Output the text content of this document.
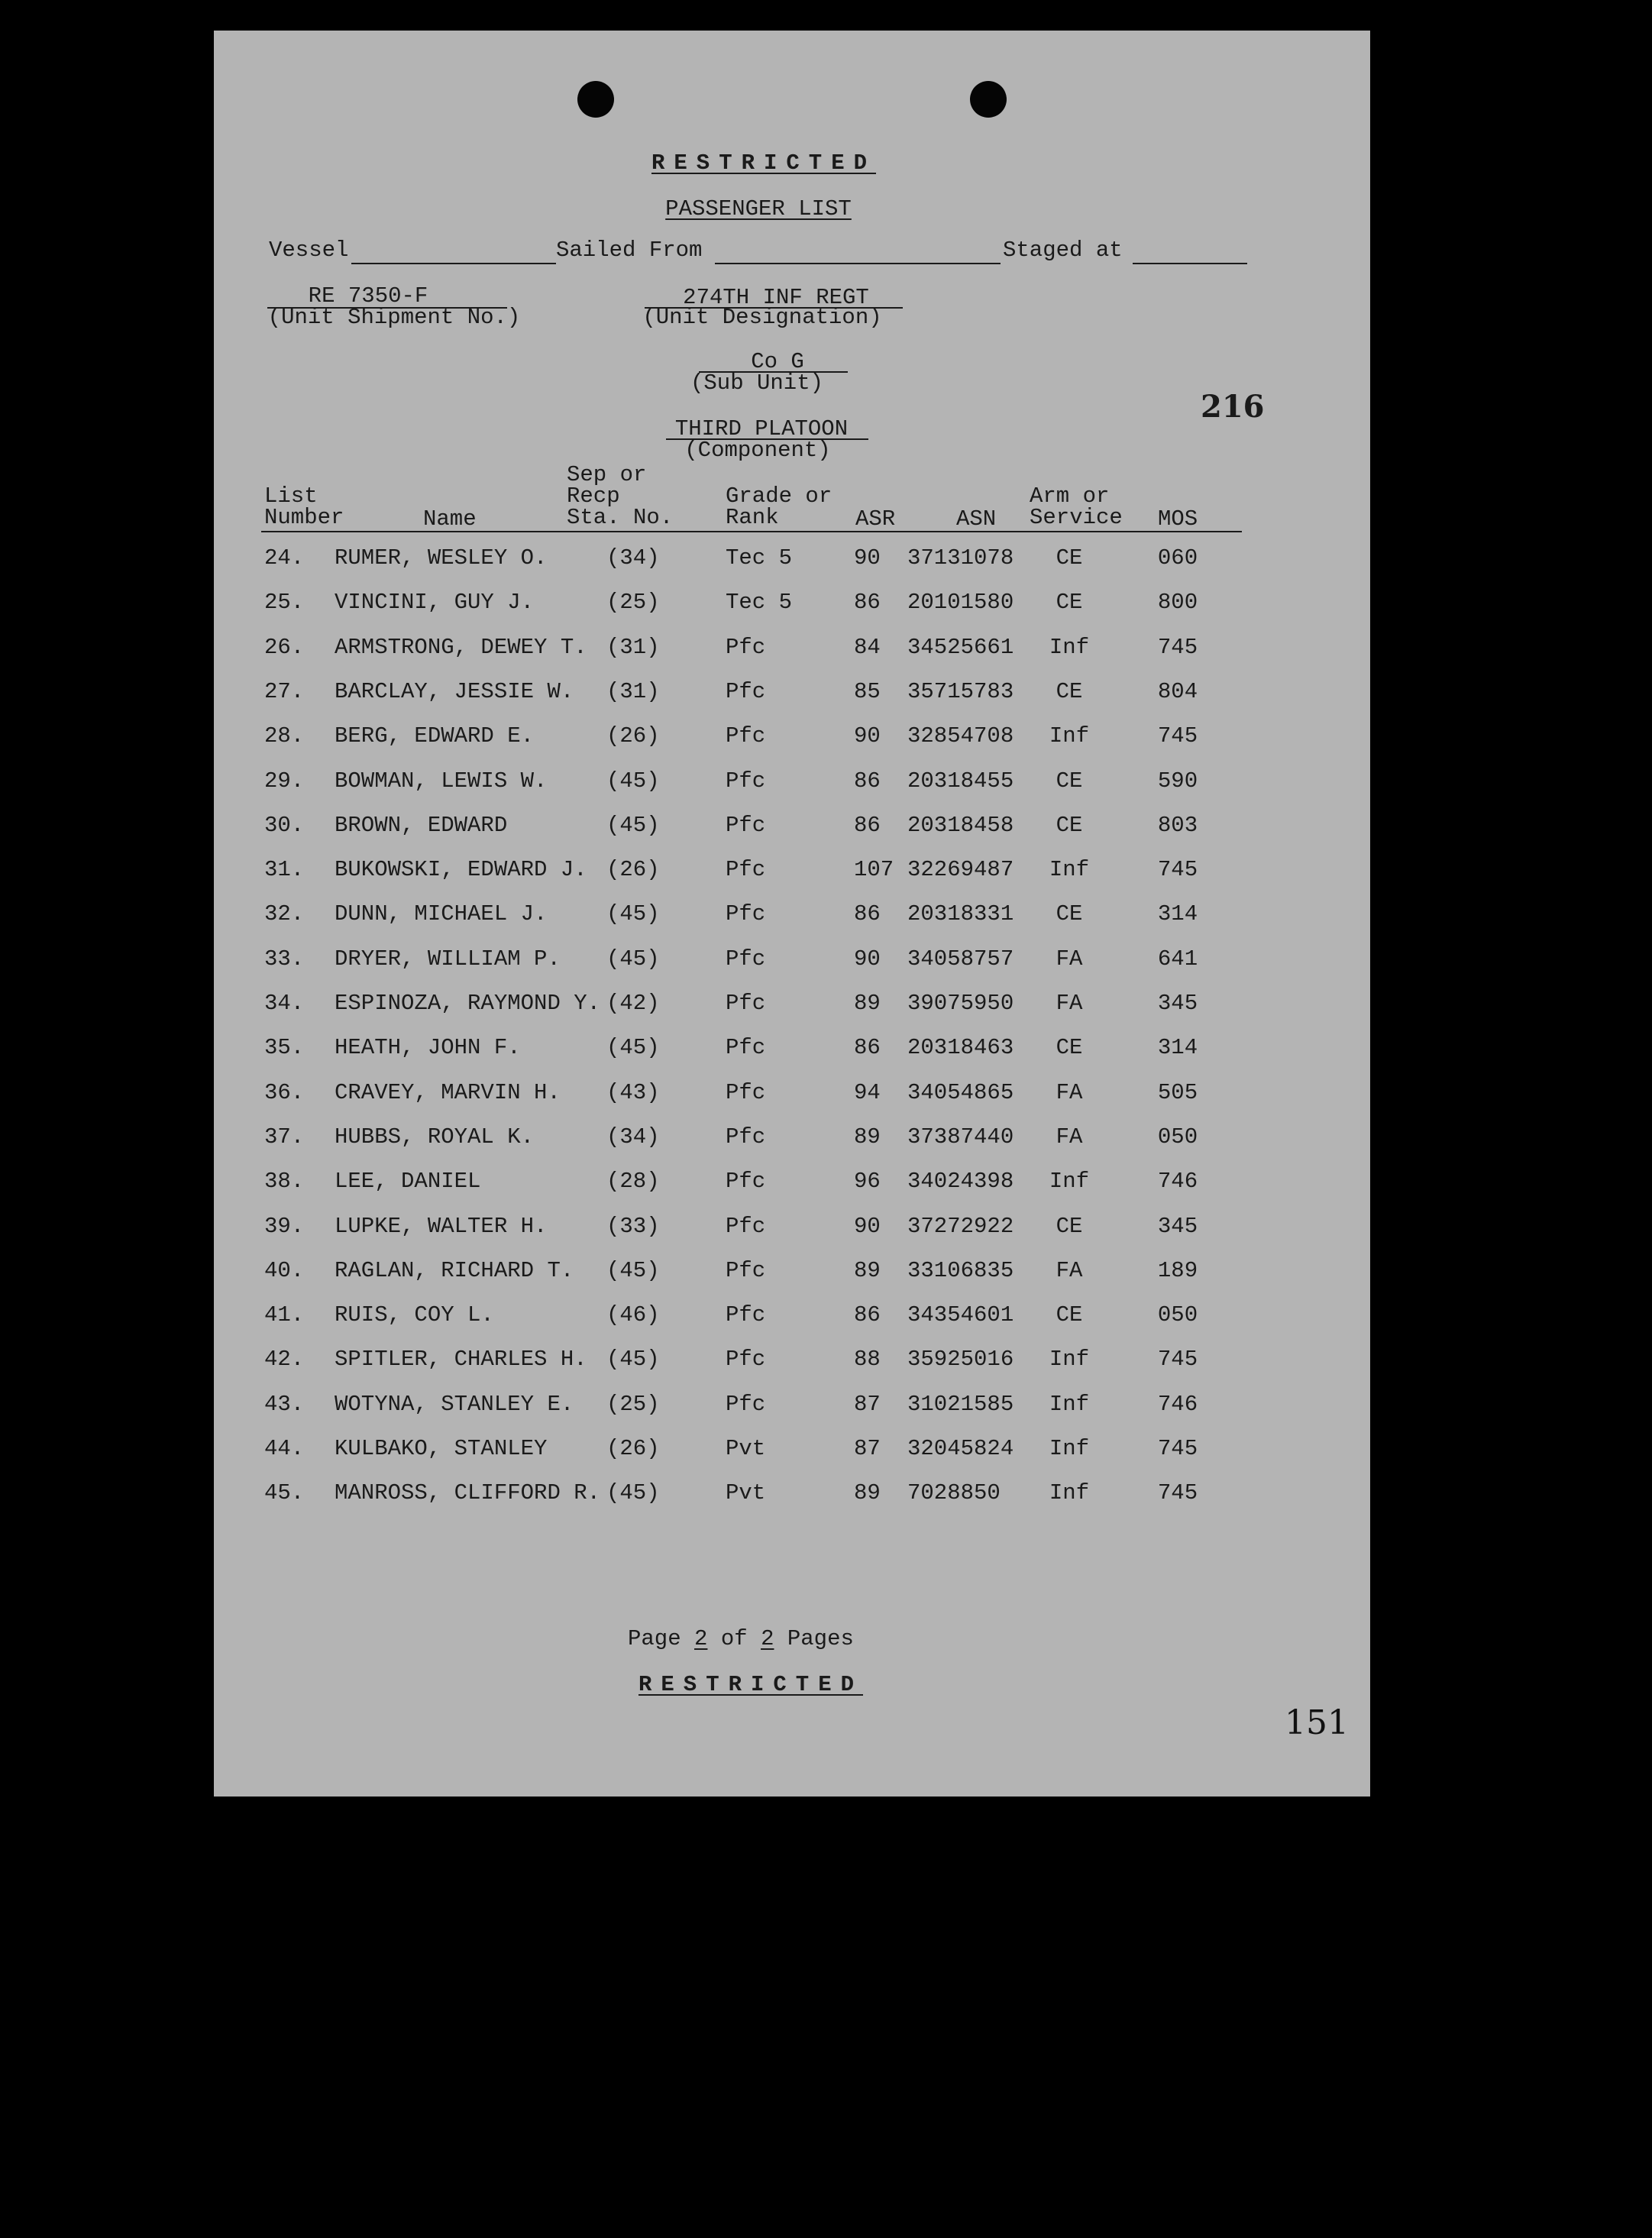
RESTRICTED
PASSENGER LIST
Vessel	Sailed From	Staged at
RE 7350-F
(Unit Shipment No.)
274TH INF REGT
(Unit Designation)
Co G
(Sub Unit)
216
THIRD PLATOON
(Component)
List
Number	Name
Sep or
Recp
Sta. No.
Grade or
Rank	ASR	ASN
Arm or
Service MOS
24. RUMER, WESLEY O.	(34)	Tec 5	90 37131078 CE	060
25. VINCINI, GUY J.	(25)	Tec 5	86 20101580 CE	800
26. ARMSTRONG, DEWEY T. (31)	Pfc	84 34525661 Inf	745
27. BARCLAY, JESSIE W. (31)	Pfc	85 35715783 CE	804
28. BERG, EDWARD E.	(26)	Pfc	90 32854708 Inf	745
29. BOWMAN, LEWIS W.	(45)	Pfc	86 20318455 CE	590
30. BROWN, EDWARD	(45)	Pfc	86 20318458 CE	803
31. BUKOWSKI, EDWARD J. (26)	Pfc	107 32269487 Inf	745
32. DUNN, MICHAEL J.	(45)	Pfc	86 20318331 CE	314
33. DRYER, WILLIAM P. (45)	Pfc	90 34058757 FA	641
34. ESPINOZA, RAYMOND Y. (42)	Pfc	89 39075950 FA	345
35. HEATH, JOHN F.	(45)	Pfc	86 20318463 CE	314
36. CRAVEY, MARVIN H. (43)	Pfc	94 34054865 FA	505
37. HUBBS, ROYAL K.	(34)	Pfc	89 37387440 FA	050
38. LEE, DANIEL	(28)	Pfc	96 34024398 Inf	746
39. LUPKE, WALTER H.	(33)	Pfc	90 37272922 CE	345
40. RAGLAN, RICHARD T. (45)	Pfc	89 33106835 FA	189
41. RUIS, COY L.	(46)	Pfc	86 34354601 CE	050
42. SPITLER, CHARLES H. (45)	Pfc	88 35925016 Inf	745
43. WOTYNA, STANLEY E. (25)	Pfc	87 31021585 Inf	746
44. KULBAKO, STANLEY	(26)	Pvt	87 32045824 Inf	745
45. MANROSS, CLIFFORD R. (45)	Pvt	89 7028850 Inf	745
Page 2 of 2 Pages
RESTRICTED
151
